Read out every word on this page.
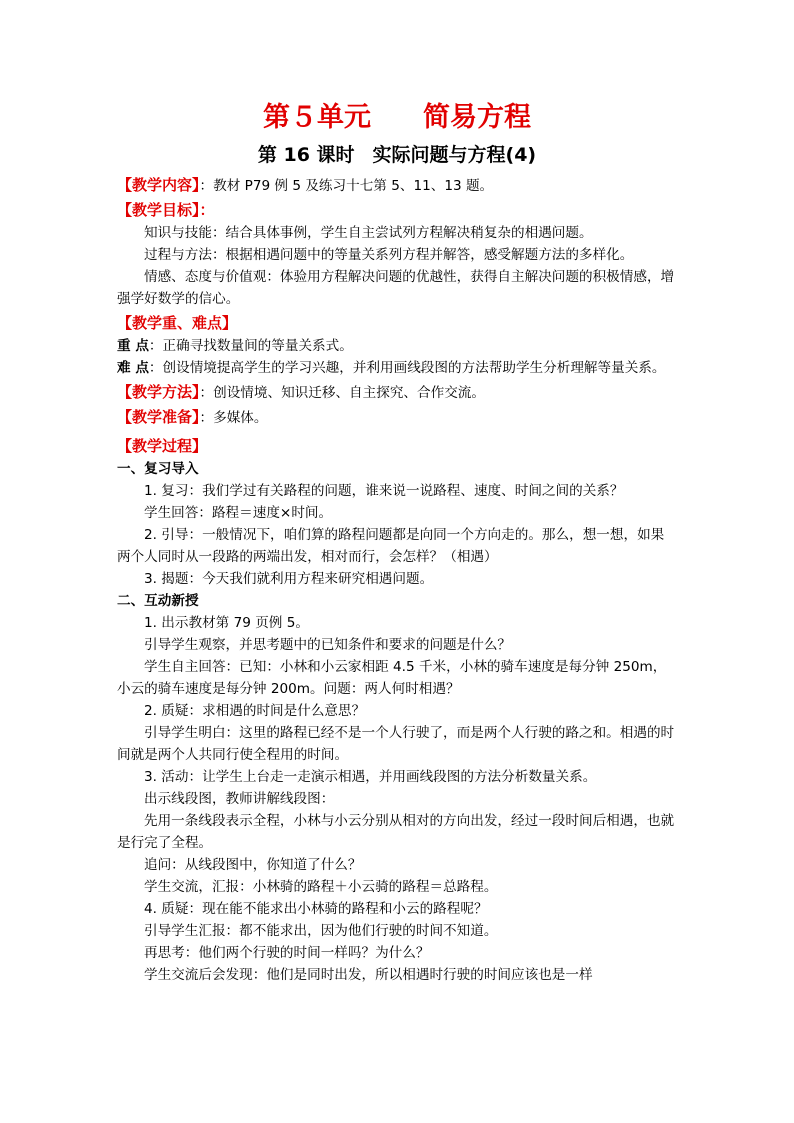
第５单元 简易方程
第 16 课时 实际问题与方程(4)

【教学内容】：教材 P79 例 5 及练习十七第 5、11、13 题。

【教学目标】：

知识与技能：结合具体事例，学生自主尝试列方程解决稍复杂的相遇问题。

过程与方法：根据相遇问题中的等量关系列方程并解答，感受解题方法的多样化。

情感、态度与价值观：体验用方程解决问题的优越性，获得自主解决问题的积极情感，增强学好数学的信心。

【教学重、难点】

重 点：正确寻找数量间的等量关系式。

难 点：创设情境提高学生的学习兴趣，并利用画线段图的方法帮助学生分析理解等量关系。

【教学方法】：创设情境、知识迁移、自主探究、合作交流。

【教学准备】：多媒体。

【教学过程】

一、复习导入

1. 复习：我们学过有关路程的问题，谁来说一说路程、速度、时间之间的关系？

学生回答：路程＝速度×时间。

2. 引导：一般情况下，咱们算的路程问题都是向同一个方向走的。那么，想一想，如果两个人同时从一段路的两端出发，相对而行，会怎样？（相遇）

3. 揭题：今天我们就利用方程来研究相遇问题。

二、互动新授

1. 出示教材第 79 页例 5。

引导学生观察，并思考题中的已知条件和要求的问题是什么？

学生自主回答：已知：小林和小云家相距 4.5 千米，小林的骑车速度是每分钟 250m，小云的骑车速度是每分钟 200m。问题：两人何时相遇？

2. 质疑：求相遇的时间是什么意思？

引导学生明白：这里的路程已经不是一个人行驶了，而是两个人行驶的路之和。相遇的时间就是两个人共同行使全程用的时间。

3. 活动：让学生上台走一走演示相遇，并用画线段图的方法分析数量关系。

出示线段图，教师讲解线段图：

先用一条线段表示全程，小林与小云分别从相对的方向出发，经过一段时间后相遇，也就是行完了全程。

追问：从线段图中，你知道了什么？

学生交流，汇报：小林骑的路程＋小云骑的路程＝总路程。

4. 质疑：现在能不能求出小林骑的路程和小云的路程呢？

引导学生汇报：都不能求出，因为他们行驶的时间不知道。

再思考：他们两个行驶的时间一样吗？为什么？

学生交流后会发现：他们是同时出发，所以相遇时行驶的时间应该也是一样
